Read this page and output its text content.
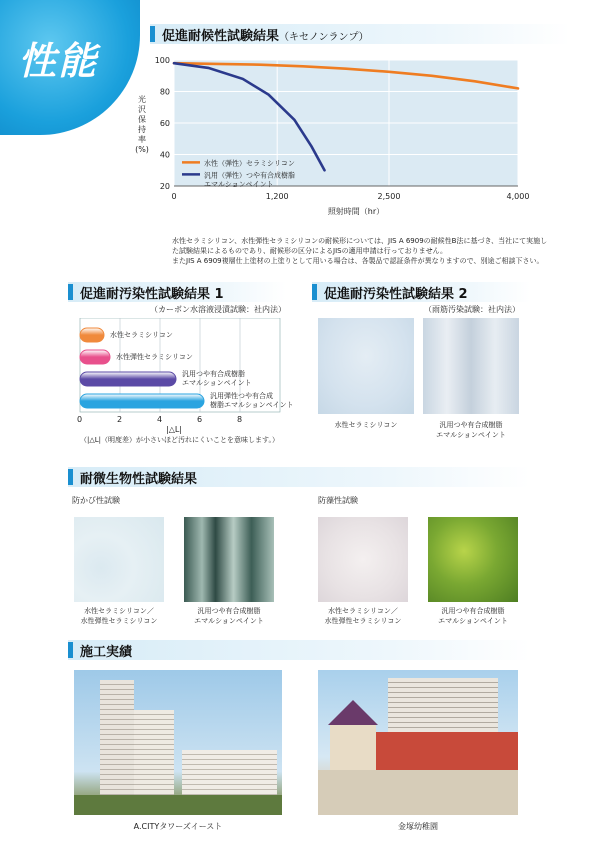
性能
促進耐候性試験結果（キセノンランプ）
100
80
60
40
20
0	1,200	2,500	4,000
照射時間（hr）
光
沢
保
持
率
(%)
水性（弾性）セラミシリコン
汎用（弾性）つや有合成樹脂
エマルションペイント
水性セラミシリコン、水性弾性セラミシリコンの耐候形については、JIS A 6909の耐候性B法に基づき、当社にて実施し
た試験結果によるものであり、耐候形の区分によるJISの適用申請は行っておりません。
またJIS A 6909複層仕上塗材の上塗りとして用いる場合は、各製品で認証条件が異なりますので、別途ご相談下さい。
促進耐汚染性試験結果 1
（カーボン水溶液浸漬試験：社内法）
水性セラミシリコン
水性弾性セラミシリコン
汎用つや有合成樹脂
エマルションペイント
汎用弾性つや有合成
樹脂エマルションペイント
0	2	4	6	8
|△L|
（|△L|（明度差）が小さいほど汚れにくいことを意味します。）
促進耐汚染性試験結果 2
（雨筋汚染試験：社内法）
水性セラミシリコン	汎用つや有合成樹脂
エマルションペイント
耐微生物性試験結果
防かび性試験	防藻性試験
水性セラミシリコン／
水性弾性セラミシリコン
汎用つや有合成樹脂
エマルションペイント
水性セラミシリコン／
水性弾性セラミシリコン
汎用つや有合成樹脂
エマルションペイント
施工実績
A.CITYタワーズイースト	金塚幼稚園
